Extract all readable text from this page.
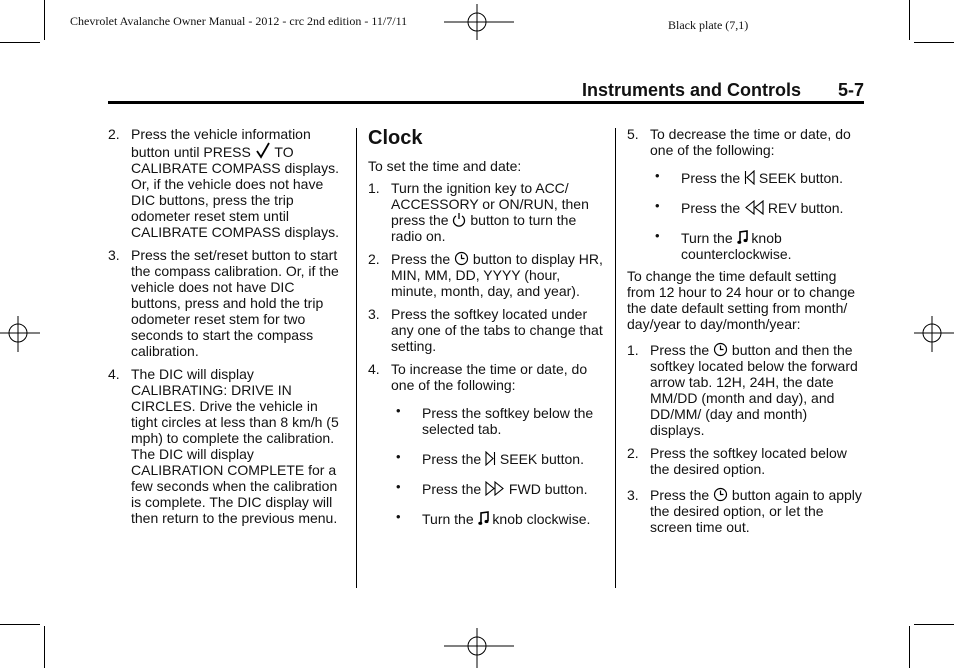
Chevrolet Avalanche Owner Manual - 2012 - crc 2nd edition - 11/7/11	Black plate (7,1)
Instruments and Controls 5-7
2. Press the vehicle information button until PRESS TO CALIBRATE COMPASS displays. Or, if the vehicle does not have DIC buttons, press the trip odometer reset stem until CALIBRATE COMPASS displays.
3. Press the set/reset button to start the compass calibration. Or, if the vehicle does not have DIC buttons, press and hold the trip odometer reset stem for two seconds to start the compass calibration.
4. The DIC will display CALIBRATING: DRIVE IN CIRCLES. Drive the vehicle in tight circles at less than 8 km/h (5 mph) to complete the calibration. The DIC will display CALIBRATION COMPLETE for a few seconds when the calibration is complete. The DIC display will then return to the previous menu.
Clock
To set the time and date:
1. Turn the ignition key to ACC/ ACCESSORY or ON/RUN, then press the button to turn the radio on.
2. Press the button to display HR, MIN, MM, DD, YYYY (hour, minute, month, day, and year).
3. Press the softkey located under any one of the tabs to change that setting.
4. To increase the time or date, do one of the following:
• Press the softkey below the selected tab.
• Press the SEEK button.
• Press the FWD button.
• Turn the knob clockwise.
5. To decrease the time or date, do one of the following:
• Press the SEEK button.
• Press the REV button.
• Turn the knob counterclockwise.
To change the time default setting from 12 hour to 24 hour or to change the date default setting from month/ day/year to day/month/year:
1. Press the button and then the softkey located below the forward arrow tab. 12H, 24H, the date MM/DD (month and day), and DD/MM/ (day and month) displays.
2. Press the softkey located below the desired option.
3. Press the button again to apply the desired option, or let the screen time out.
